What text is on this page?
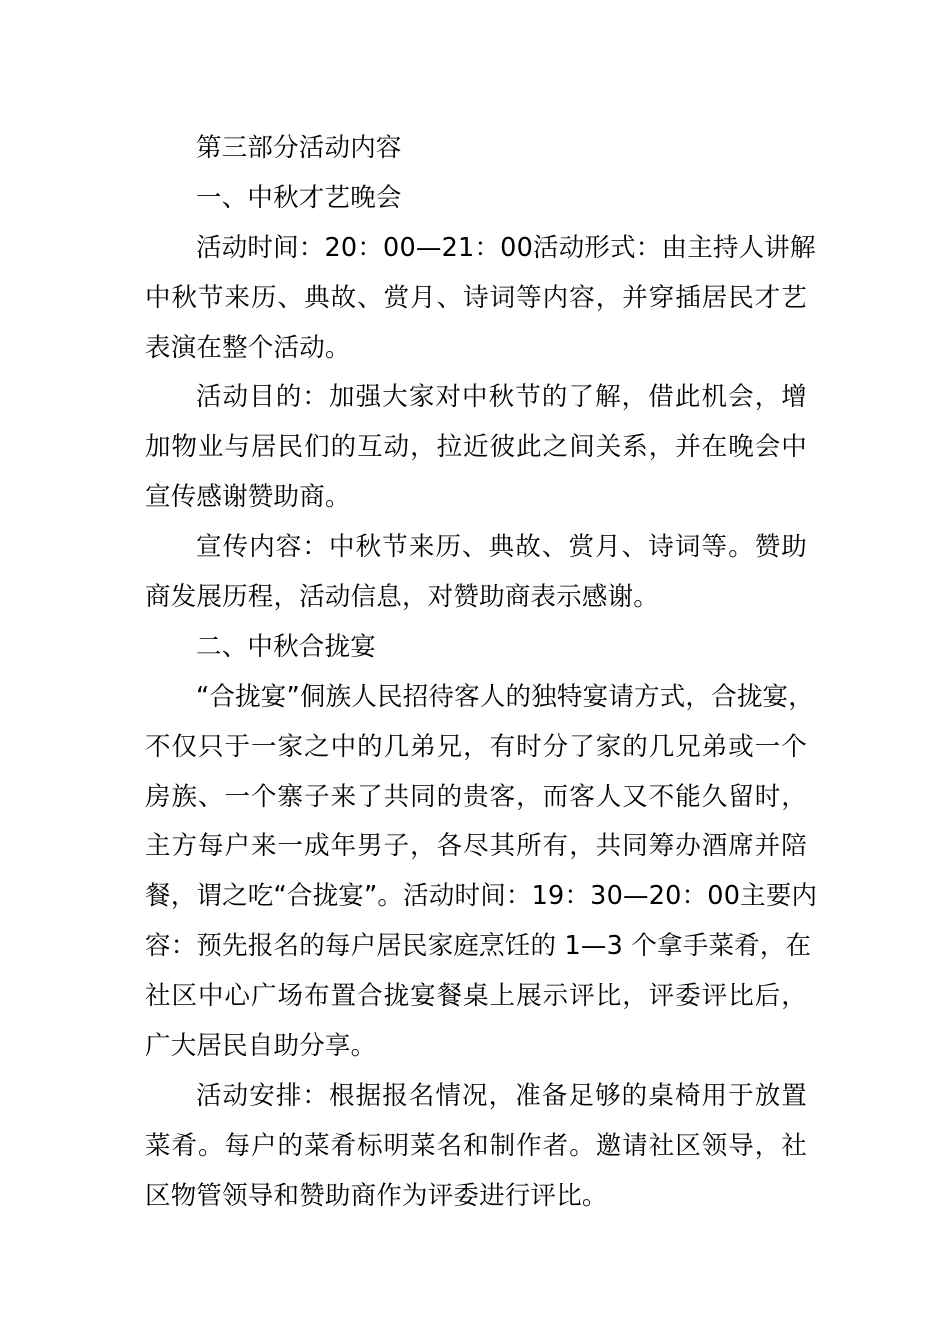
第三部分活动内容
一、中秋才艺晚会
活动时间：20：00—21：00活动形式：由主持人讲解
中秋节来历、典故、赏月、诗词等内容，并穿插居民才艺
表演在整个活动。
活动目的：加强大家对中秋节的了解，借此机会，增
加物业与居民们的互动，拉近彼此之间关系，并在晚会中
宣传感谢赞助商。
宣传内容：中秋节来历、典故、赏月、诗词等。赞助
商发展历程，活动信息，对赞助商表示感谢。
二、中秋合拢宴
“合拢宴”侗族人民招待客人的独特宴请方式，合拢宴，
不仅只于一家之中的几弟兄，有时分了家的几兄弟或一个
房族、一个寨子来了共同的贵客，而客人又不能久留时，
主方每户来一成年男子，各尽其所有，共同筹办酒席并陪
餐，谓之吃“合拢宴”。活动时间：19：30—20：00主要内
容：预先报名的每户居民家庭烹饪的 1—3 个拿手菜肴，在
社区中心广场布置合拢宴餐桌上展示评比，评委评比后，
广大居民自助分享。
活动安排：根据报名情况，准备足够的桌椅用于放置
菜肴。每户的菜肴标明菜名和制作者。邀请社区领导，社
区物管领导和赞助商作为评委进行评比。
